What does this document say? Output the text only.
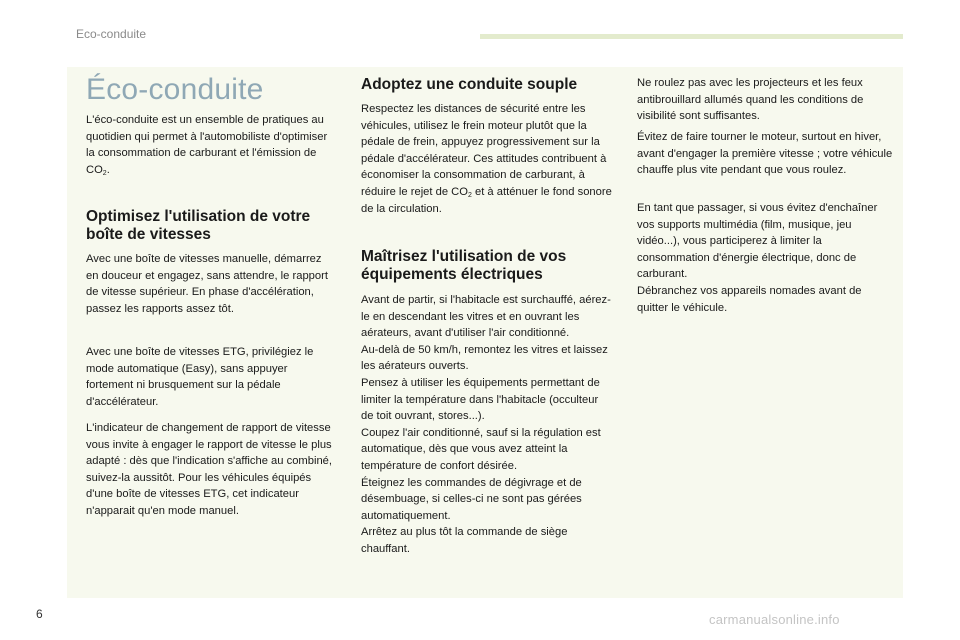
Eco-conduite
Éco-conduite

L'éco-conduite est un ensemble de pratiques au quotidien qui permet à l'automobiliste d'optimiser la consommation de carburant et l'émission de $CO_2$.

Optimisez l'utilisation de votre boîte de vitesses

Avec une boîte de vitesses manuelle, démarrez en douceur et engagez, sans attendre, le rapport de vitesse supérieur. En phase d'accélération, passez les rapports assez tôt.

Avec une boîte de vitesses ETG, privilégiez le mode automatique (Easy), sans appuyer fortement ni brusquement sur la pédale d'accélérateur.

L'indicateur de changement de rapport de vitesse vous invite à engager le rapport de vitesse le plus adapté : dès que l'indication s'affiche au combiné, suivez-la aussitôt. Pour les véhicules équipés d'une boîte de vitesses ETG, cet indicateur n'apparait qu'en mode manuel.

Adoptez une conduite souple

Respectez les distances de sécurité entre les véhicules, utilisez le frein moteur plutôt que la pédale de frein, appuyez progressivement sur la pédale d'accélérateur. Ces attitudes contribuent à économiser la consommation de carburant, à réduire le rejet de $CO_2$ et à atténuer le fond sonore de la circulation.

Maîtrisez l'utilisation de vos équipements électriques

Avant de partir, si l'habitacle est surchauffé, aérez-le en descendant les vitres et en ouvrant les aérateurs, avant d'utiliser l'air conditionné.
Au-delà de 50 km/h, remontez les vitres et laissez les aérateurs ouverts.
Pensez à utiliser les équipements permettant de limiter la température dans l'habitacle (occulteur de toit ouvrant, stores...).
Coupez l'air conditionné, sauf si la régulation est automatique, dès que vous avez atteint la température de confort désirée.
Éteignez les commandes de dégivrage et de désembuage, si celles-ci ne sont pas gérées automatiquement.
Arrêtez au plus tôt la commande de siège chauffant.

Ne roulez pas avec les projecteurs et les feux antibrouillard allumés quand les conditions de visibilité sont suffisantes.

Évitez de faire tourner le moteur, surtout en hiver, avant d'engager la première vitesse ; votre véhicule chauffe plus vite pendant que vous roulez.

En tant que passager, si vous évitez d'enchaîner vos supports multimédia (film, musique, jeu vidéo...), vous participerez à limiter la consommation d'énergie électrique, donc de carburant.
Débranchez vos appareils nomades avant de quitter le véhicule.

6	carmanualsonline.info
